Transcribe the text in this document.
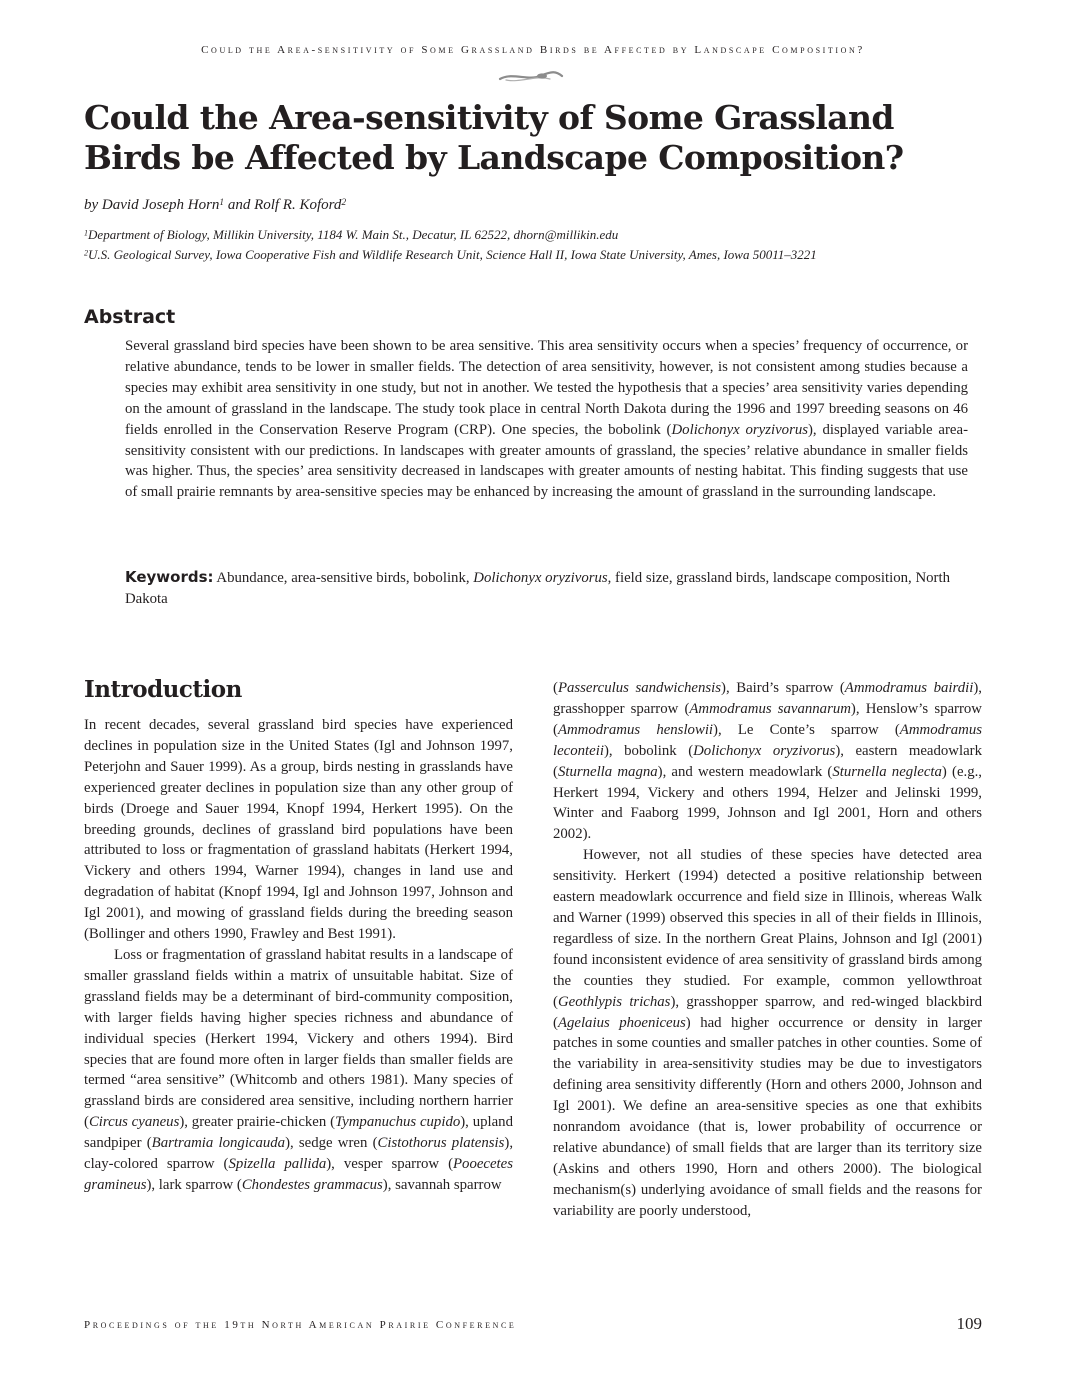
Could the Area-sensitivity of Some Grassland Birds be Affected by Landscape Composition?
Could the Area-sensitivity of Some Grassland Birds be Affected by Landscape Composition?
by David Joseph Horn$^1$ and Rolf R. Koford$^2$
$^1$Department of Biology, Millikin University, 1184 W. Main St., Decatur, IL 62522, dhorn@millikin.edu
$^2$U.S. Geological Survey, Iowa Cooperative Fish and Wildlife Research Unit, Science Hall II, Iowa State University, Ames, Iowa 50011–3221
Abstract

Several grassland bird species have been shown to be area sensitive. This area sensitivity occurs when a species’ frequency of occurrence, or relative abundance, tends to be lower in smaller fields. The detection of area sensitivity, however, is not consistent among studies because a species may exhibit area sensitivity in one study, but not in another. We tested the hypothesis that a species’ area sensitivity varies depending on the amount of grassland in the landscape. The study took place in central North Dakota during the 1996 and 1997 breeding seasons on 46 fields enrolled in the Conservation Reserve Program (CRP). One species, the bobolink (Dolichonyx oryzivorus), displayed variable area-sensitivity consistent with our predictions. In landscapes with greater amounts of grassland, the species’ relative abundance in smaller fields was higher. Thus, the species’ area sensitivity decreased in landscapes with greater amounts of nesting habitat. This finding suggests that use of small prairie remnants by area-sensitive species may be enhanced by increasing the amount of grassland in the surrounding landscape.

Keywords: Abundance, area-sensitive birds, bobolink, Dolichonyx oryzivorus, field size, grassland birds, landscape composition, North Dakota

Introduction

In recent decades, several grassland bird species have experienced declines in population size in the United States (Igl and Johnson 1997, Peterjohn and Sauer 1999). As a group, birds nesting in grasslands have experienced greater declines in population size than any other group of birds (Droege and Sauer 1994, Knopf 1994, Herkert 1995). On the breeding grounds, declines of grassland bird populations have been attributed to loss or fragmentation of grassland habitats (Herkert 1994, Vickery and others 1994, Warner 1994), changes in land use and degradation of habitat (Knopf 1994, Igl and Johnson 1997, Johnson and Igl 2001), and mowing of grassland fields during the breeding season (Bollinger and others 1990, Frawley and Best 1991).

Loss or fragmentation of grassland habitat results in a landscape of smaller grassland fields within a matrix of unsuitable habitat. Size of grassland fields may be a determinant of bird-community composition, with larger fields having higher species richness and abundance of individual species (Herkert 1994, Vickery and others 1994). Bird species that are found more often in larger fields than smaller fields are termed “area sensitive” (Whitcomb and others 1981). Many species of grassland birds are considered area sensitive, including northern harrier (Circus cyaneus), greater prairie-chicken (Tympanuchus cupido), upland sandpiper (Bartramia longicauda), sedge wren (Cistothorus platensis), clay-colored sparrow (Spizella pallida), vesper sparrow (Pooecetes gramineus), lark sparrow (Chondestes grammacus), savannah sparrow

(Passerculus sandwichensis), Baird’s sparrow (Ammodramus bairdii), grasshopper sparrow (Ammodramus savannarum), Henslow’s sparrow (Ammodramus henslowii), Le Conte’s sparrow (Ammodramus leconteii), bobolink (Dolichonyx oryzivorus), eastern meadowlark (Sturnella magna), and western meadowlark (Sturnella neglecta) (e.g., Herkert 1994, Vickery and others 1994, Helzer and Jelinski 1999, Winter and Faaborg 1999, Johnson and Igl 2001, Horn and others 2002).

However, not all studies of these species have detected area sensitivity. Herkert (1994) detected a positive relationship between eastern meadowlark occurrence and field size in Illinois, whereas Walk and Warner (1999) observed this species in all of their fields in Illinois, regardless of size. In the northern Great Plains, Johnson and Igl (2001) found inconsistent evidence of area sensitivity of grassland birds among the counties they studied. For example, common yellowthroat (Geothlypis trichas), grasshopper sparrow, and red-winged blackbird (Agelaius phoeniceus) had higher occurrence or density in larger patches in some counties and smaller patches in other counties. Some of the variability in area-sensitivity studies may be due to investigators defining area sensitivity differently (Horn and others 2000, Johnson and Igl 2001). We define an area-sensitive species as one that exhibits nonrandom avoidance (that is, lower probability of occurrence or relative abundance) of small fields that are larger than its territory size (Askins and others 1990, Horn and others 2000). The biological mechanism(s) underlying avoidance of small fields and the reasons for variability are poorly understood,

Proceedings of the 19th North American Prairie Conference	109
